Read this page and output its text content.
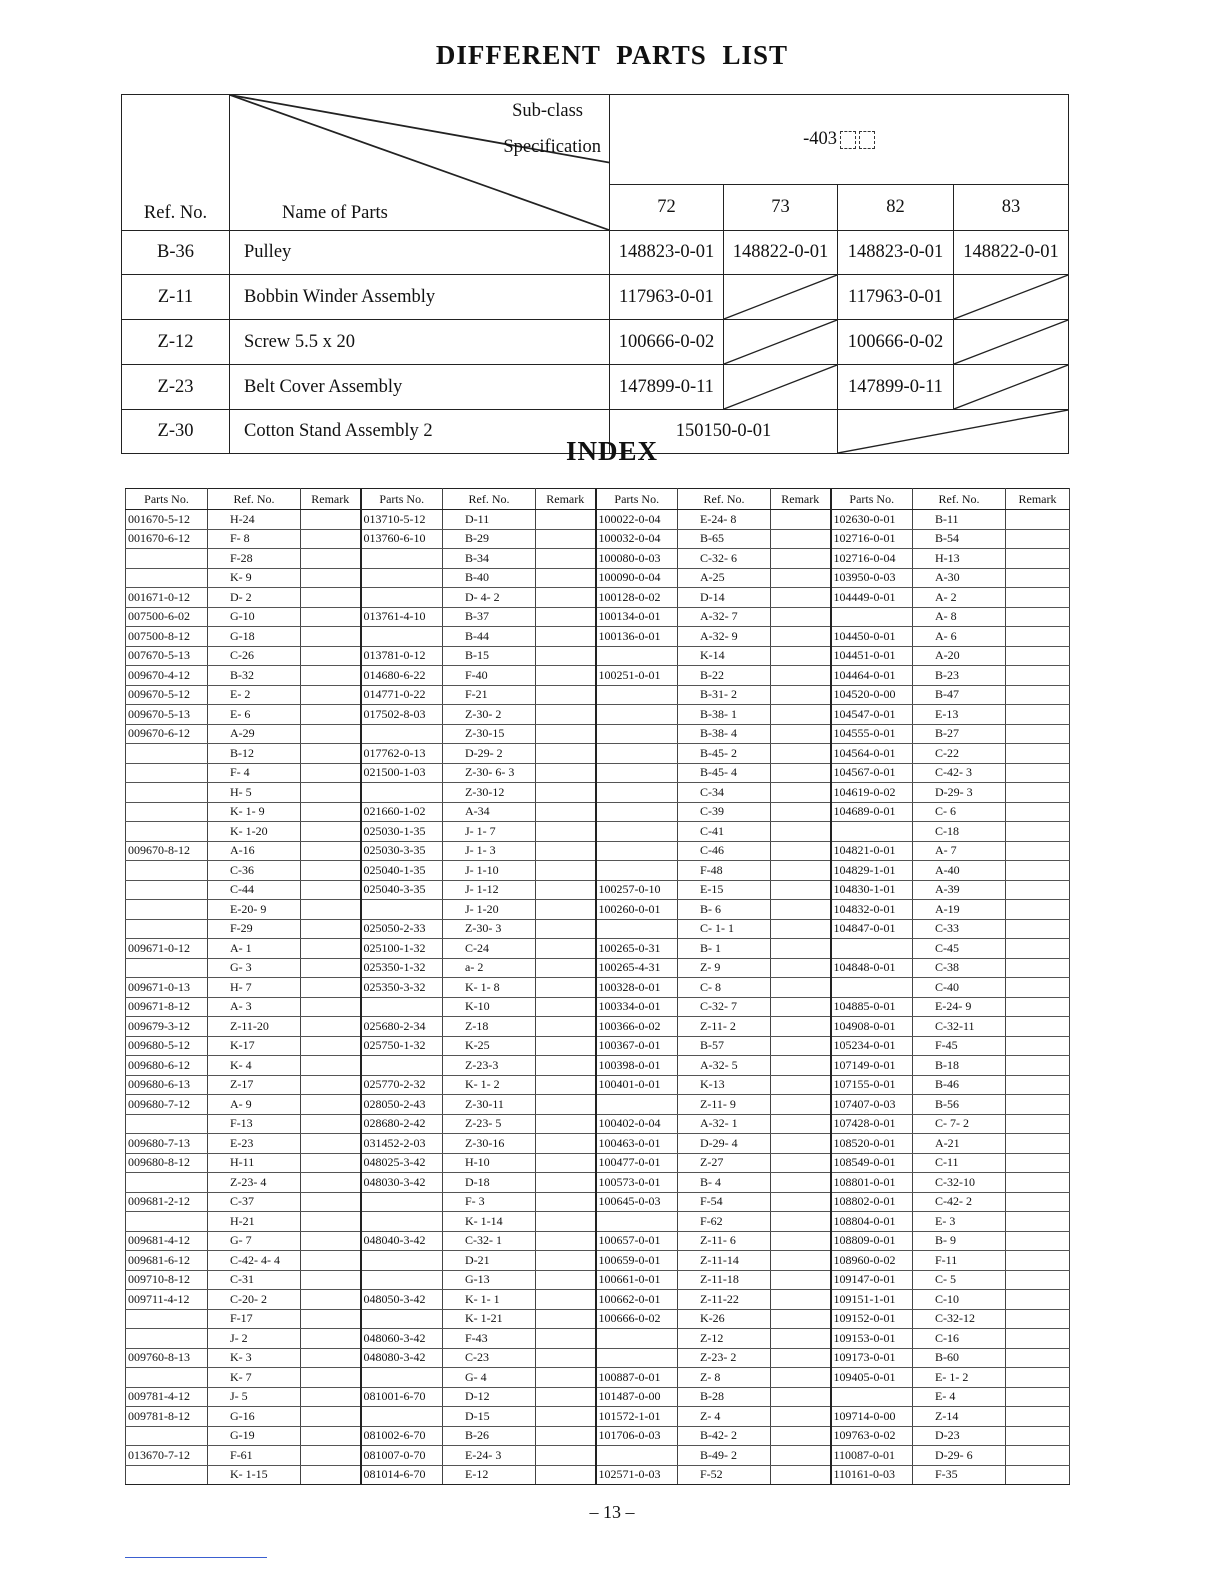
DIFFERENT PARTS LIST
Ref. No.	Sub-class
Specification
Name of Parts	-403			
		72	73	82	83
B-36	Pulley	148823-0-01	148822-0-01	148823-0-01	148822-0-01
Z-11	Bobbin Winder Assembly	117963-0-01		117963-0-01	

Z-12	Screw 5.5 x 20	100666-0-02		100666-0-02	

Z-23	Belt Cover Assembly	147899-0-11		147899-0-11	

Z-30	Cotton Stand Assembly 2	150150-0-01	
INDEX
Parts No.	Ref. No.	Remark	Parts No.	Ref. No.	Remark	Parts No.	Ref. No.	Remark	Parts No.	Ref. No.	Remark
001670-5-12	H-24		013710-5-12	D-11		100022-0-04	E-24- 8		102630-0-01	B-11	
001670-6-12	F- 8		013760-6-10	B-29		100032-0-04	B-65		102716-0-01	B-54	
	F-28			B-34		100080-0-03	C-32- 6		102716-0-04	H-13	
	K- 9			B-40		100090-0-04	A-25		103950-0-03	A-30	
001671-0-12	D- 2			D- 4- 2		100128-0-02	D-14		104449-0-01	A- 2	
007500-6-02	G-10		013761-4-10	B-37		100134-0-01	A-32- 7			A- 8	
007500-8-12	G-18			B-44		100136-0-01	A-32- 9		104450-0-01	A- 6	
007670-5-13	C-26		013781-0-12	B-15			K-14		104451-0-01	A-20	
009670-4-12	B-32		014680-6-22	F-40		100251-0-01	B-22		104464-0-01	B-23	
009670-5-12	E- 2		014771-0-22	F-21			B-31- 2		104520-0-00	B-47	
009670-5-13	E- 6		017502-8-03	Z-30- 2			B-38- 1		104547-0-01	E-13	
009670-6-12	A-29			Z-30-15			B-38- 4		104555-0-01	B-27	
	B-12		017762-0-13	D-29- 2			B-45- 2		104564-0-01	C-22	
	F- 4		021500-1-03	Z-30- 6- 3			B-45- 4		104567-0-01	C-42- 3	
	H- 5			Z-30-12			C-34		104619-0-02	D-29- 3	
	K- 1- 9		021660-1-02	A-34			C-39		104689-0-01	C- 6	
	K- 1-20		025030-1-35	J- 1- 7			C-41			C-18	
009670-8-12	A-16		025030-3-35	J- 1- 3			C-46		104821-0-01	A- 7	
	C-36		025040-1-35	J- 1-10			F-48		104829-1-01	A-40	
	C-44		025040-3-35	J- 1-12		100257-0-10	E-15		104830-1-01	A-39	
	E-20- 9			J- 1-20		100260-0-01	B- 6		104832-0-01	A-19	
	F-29		025050-2-33	Z-30- 3			C- 1- 1		104847-0-01	C-33	
009671-0-12	A- 1		025100-1-32	C-24		100265-0-31	B- 1			C-45	
	G- 3		025350-1-32	a- 2		100265-4-31	Z- 9		104848-0-01	C-38	
009671-0-13	H- 7		025350-3-32	K- 1- 8		100328-0-01	C- 8			C-40	
009671-8-12	A- 3			K-10		100334-0-01	C-32- 7		104885-0-01	E-24- 9	
009679-3-12	Z-11-20		025680-2-34	Z-18		100366-0-02	Z-11- 2		104908-0-01	C-32-11	
009680-5-12	K-17		025750-1-32	K-25		100367-0-01	B-57		105234-0-01	F-45	
009680-6-12	K- 4			Z-23-3		100398-0-01	A-32- 5		107149-0-01	B-18	
009680-6-13	Z-17		025770-2-32	K- 1- 2		100401-0-01	K-13		107155-0-01	B-46	
009680-7-12	A- 9		028050-2-43	Z-30-11			Z-11- 9		107407-0-03	B-56	
	F-13		028680-2-42	Z-23- 5		100402-0-04	A-32- 1		107428-0-01	C- 7- 2	
009680-7-13	E-23		031452-2-03	Z-30-16		100463-0-01	D-29- 4		108520-0-01	A-21	
009680-8-12	H-11		048025-3-42	H-10		100477-0-01	Z-27		108549-0-01	C-11	
	Z-23- 4		048030-3-42	D-18		100573-0-01	B- 4		108801-0-01	C-32-10	
009681-2-12	C-37			F- 3		100645-0-03	F-54		108802-0-01	C-42- 2	
	H-21			K- 1-14			F-62		108804-0-01	E- 3	
009681-4-12	G- 7		048040-3-42	C-32- 1		100657-0-01	Z-11- 6		108809-0-01	B- 9	
009681-6-12	C-42- 4- 4			D-21		100659-0-01	Z-11-14		108960-0-02	F-11	
009710-8-12	C-31			G-13		100661-0-01	Z-11-18		109147-0-01	C- 5	
009711-4-12	C-20- 2		048050-3-42	K- 1- 1		100662-0-01	Z-11-22		109151-1-01	C-10	
	F-17			K- 1-21		100666-0-02	K-26		109152-0-01	C-32-12	
	J- 2		048060-3-42	F-43			Z-12		109153-0-01	C-16	
009760-8-13	K- 3		048080-3-42	C-23			Z-23- 2		109173-0-01	B-60	
	K- 7			G- 4		100887-0-01	Z- 8		109405-0-01	E- 1- 2	
009781-4-12	J- 5		081001-6-70	D-12		101487-0-00	B-28			E- 4	
009781-8-12	G-16			D-15		101572-1-01	Z- 4		109714-0-00	Z-14	
	G-19		081002-6-70	B-26		101706-0-03	B-42- 2		109763-0-02	D-23	
013670-7-12	F-61		081007-0-70	E-24- 3			B-49- 2		110087-0-01	D-29- 6	
	K- 1-15		081014-6-70	E-12		102571-0-03	F-52		110161-0-03	F-35	
– 13 –
